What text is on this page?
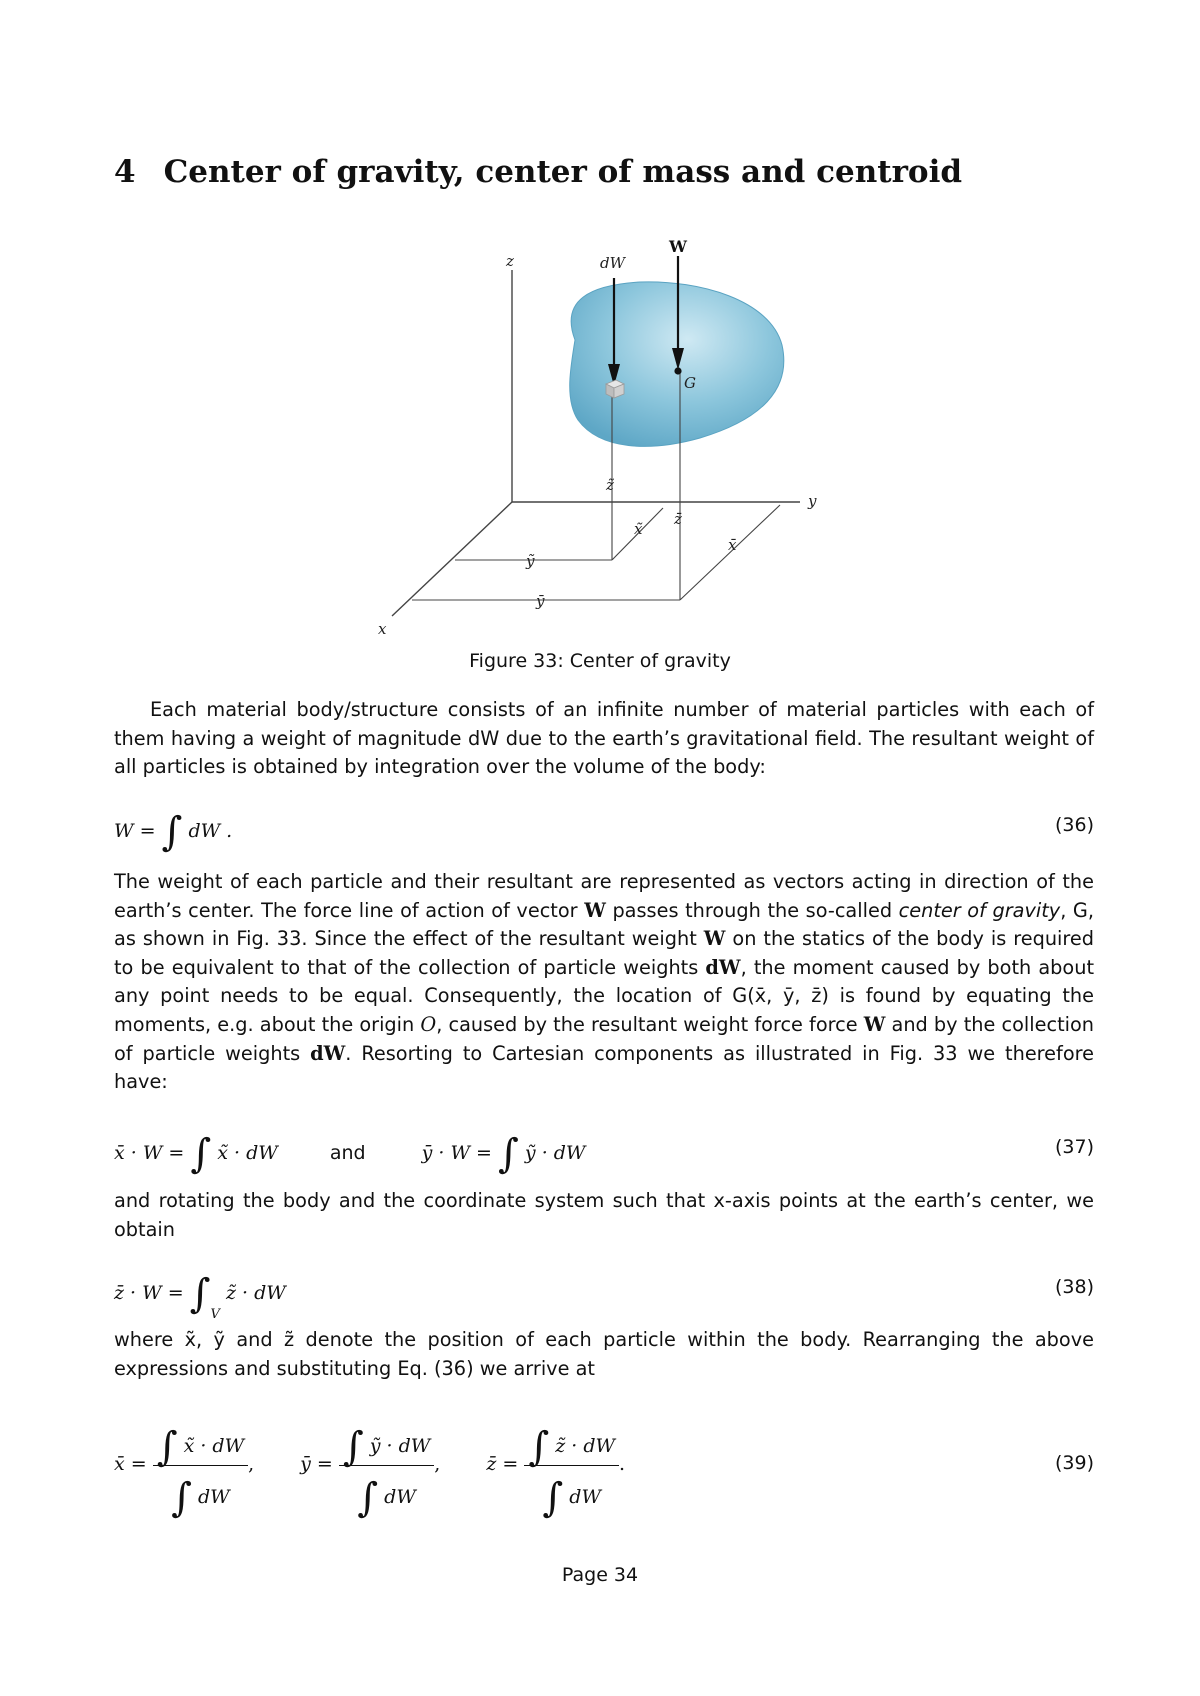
4 Center of gravity, center of mass and centroid
z
y
x
dW
G
z̃
x̃
ỹ
z̄
x̄
ȳ
W
Figure 33: Center of gravity
Each material body/structure consists of an infinite number of material particles with each of them having a weight of magnitude dW due to the earth’s gravitational field. The resultant weight of all particles is obtained by integration over the volume of the body:
W = ∫ dW .	(36)
The weight of each particle and their resultant are represented as vectors acting in direction of the earth’s center. The force line of action of vector W passes through the so-called center of gravity, G, as shown in Fig. 33. Since the effect of the resultant weight W on the statics of the body is required to be equivalent to that of the collection of particle weights dW, the moment caused by both about any point needs to be equal. Consequently, the location of G(x̄, ȳ, z̄) is found by equating the moments, e.g. about the origin O, caused by the resultant weight force force W and by the collection of particle weights dW. Resorting to Cartesian components as illustrated in Fig. 33 we therefore have:
x̄ · W = ∫ x̃ · dW	and	ȳ · W = ∫ ỹ · dW	(37)
and rotating the body and the coordinate system such that x-axis points at the earth’s center, we obtain
z̄ · $W = \int_V$ z̃ · dW	(38)
where x̃, ỹ and z̃ denote the position of each particle within the body. Rearranging the above expressions and substituting Eq. (36) we arrive at
x̄ = $\frac{\int x̃ \cdot dW}{\int dW}$ , ȳ = $\frac{\text{∫ ỹ · dW}}{\int dW}$ , z̄ = $\frac{\int z̃ \cdot dW}{\int dW}$ .	(39)
Page 34
